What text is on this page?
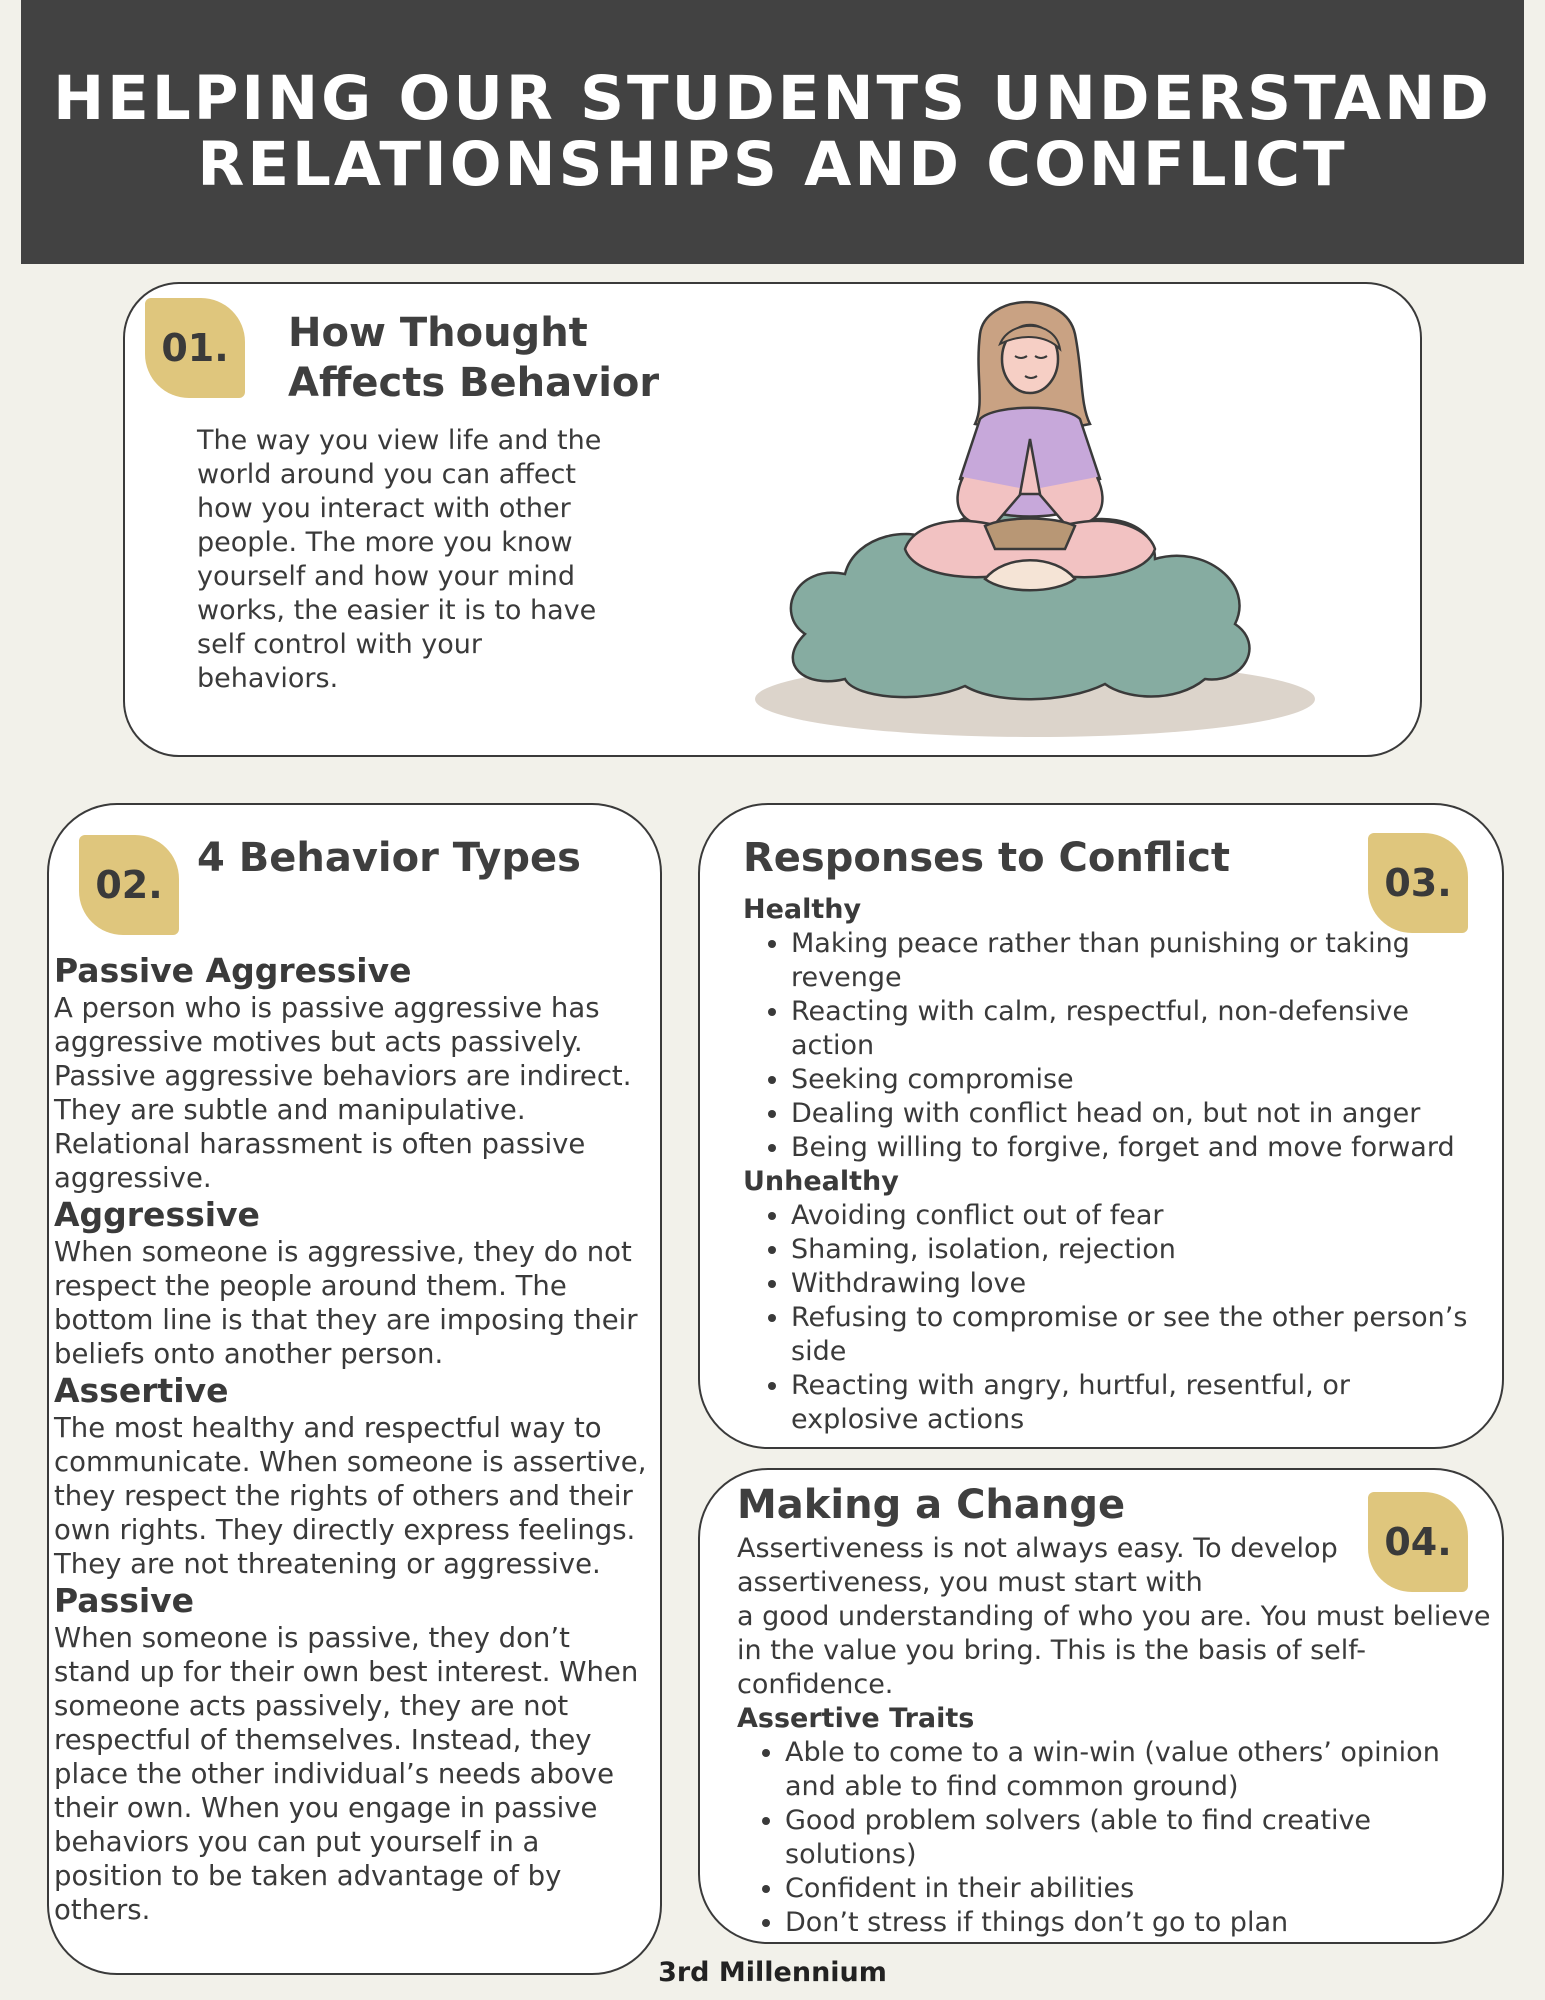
HELPING OUR STUDENTS UNDERSTAND RELATIONSHIPS AND CONFLICT
01.	How Thought Affects Behavior
The way you view life and the world around you can affect how you interact with other people. The more you know yourself and how your mind works, the easier it is to have self control with your behaviors.
02.
4 Behavior Types
Passive Aggressive
A person who is passive aggressive has aggressive motives but acts passively. Passive aggressive behaviors are indirect. They are subtle and manipulative. Relational harassment is often passive aggressive.
Aggressive
When someone is aggressive, they do not respect the people around them. The bottom line is that they are imposing their beliefs onto another person.
Assertive
The most healthy and respectful way to communicate. When someone is assertive, they respect the rights of others and their own rights. They directly express feelings. They are not threatening or aggressive.
Passive
When someone is passive, they don’t stand up for their own best interest. When someone acts passively, they are not respectful of themselves. Instead, they place the other individual’s needs above their own. When you engage in passive behaviors you can put yourself in a position to be taken advantage of by others.
03.
Responses to Conflict
Healthy
• Making peace rather than punishing or taking revenge
• Reacting with calm, respectful, non-defensive action
• Seeking compromise
• Dealing with conflict head on, but not in anger
• Being willing to forgive, forget and move forward
Unhealthy
• Avoiding conflict out of fear
• Shaming, isolation, rejection
• Withdrawing love
• Refusing to compromise or see the other person’s side
• Reacting with angry, hurtful, resentful, or explosive actions
04.
Making a Change
Assertiveness is not always easy. To develop
assertiveness, you must start with
a good understanding of who you are. You must believe in the value you bring. This is the basis of self-confidence.
Assertive Traits
• Able to come to a win-win (value others’ opinion and able to find common ground)
• Good problem solvers (able to find creative solutions)
• Confident in their abilities
• Don’t stress if things don’t go to plan
3rd Millennium
